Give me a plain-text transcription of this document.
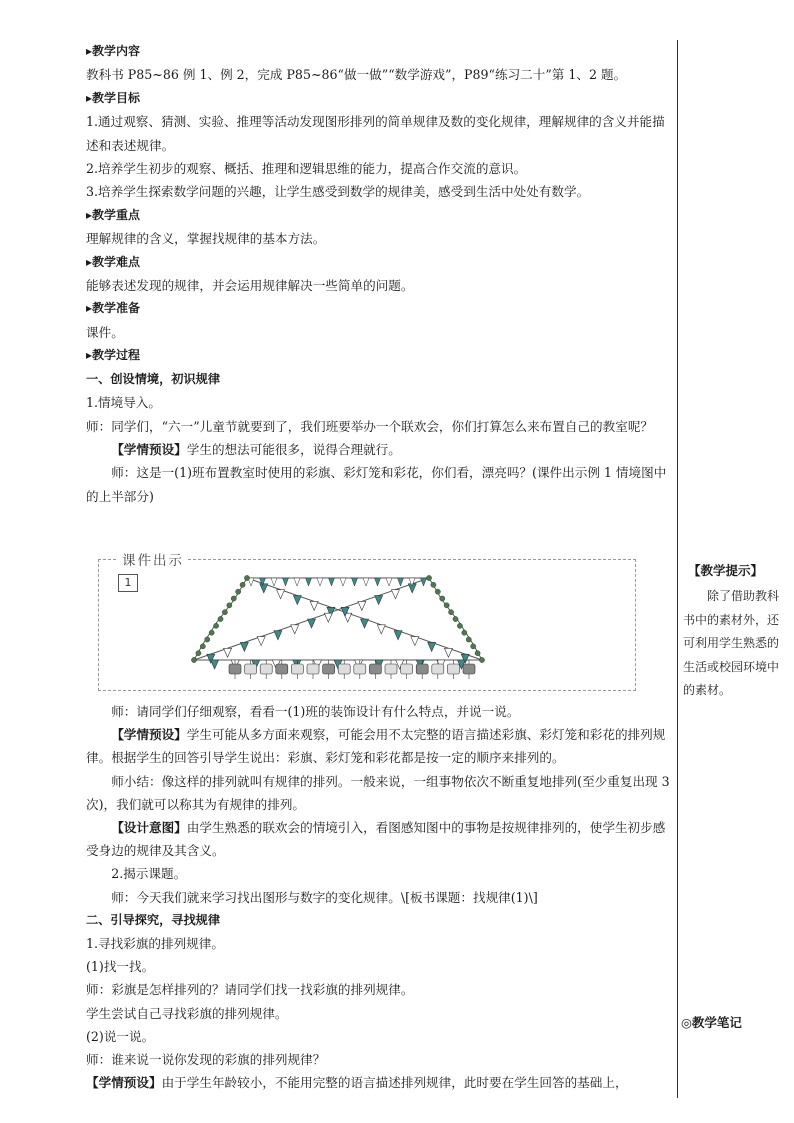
▸教学内容

教科书 P85~86 例 1、例 2，完成 P85~86“做一做”“数学游戏”，P89“练习二十”第 1、2 题。

▸教学目标

1.通过观察、猜测、实验、推理等活动发现图形排列的简单规律及数的变化规律，理解规律的含义并能描述和表述规律。

2.培养学生初步的观察、概括、推理和逻辑思维的能力，提高合作交流的意识。

3.培养学生探索数学问题的兴趣，让学生感受到数学的规律美，感受到生活中处处有数学。

▸教学重点

理解规律的含义，掌握找规律的基本方法。

▸教学难点

能够表述发现的规律，并会运用规律解决一些简单的问题。

▸教学准备

课件。

▸教学过程

一、创设情境，初识规律

1.情境导入。

师：同学们，“六一”儿童节就要到了，我们班要举办一个联欢会，你们打算怎么来布置自己的教室呢？

【学情预设】学生的想法可能很多，说得合理就行。

师：这是一(1)班布置教室时使用的彩旗、彩灯笼和彩花，你们看，漂亮吗？(课件出示例 1 情境图中的上半部分)

课件出示
1

师：请同学们仔细观察，看看一(1)班的装饰设计有什么特点，并说一说。

【学情预设】学生可能从多方面来观察，可能会用不太完整的语言描述彩旗、彩灯笼和彩花的排列规律。根据学生的回答引导学生说出：彩旗、彩灯笼和彩花都是按一定的顺序来排列的。

师小结：像这样的排列就叫有规律的排列。一般来说，一组事物依次不断重复地排列(至少重复出现 3 次)，我们就可以称其为有规律的排列。

【设计意图】由学生熟悉的联欢会的情境引入，看图感知图中的事物是按规律排列的，使学生初步感受身边的规律及其含义。

2.揭示课题。

师：今天我们就来学习找出图形与数字的变化规律。\[板书课题：找规律(1)\]

二、引导探究，寻找规律

1.寻找彩旗的排列规律。

(1)找一找。

师：彩旗是怎样排列的？请同学们找一找彩旗的排列规律。

学生尝试自己寻找彩旗的排列规律。

(2)说一说。

师：谁来说一说你发现的彩旗的排列规律？

【学情预设】由于学生年龄较小，不能用完整的语言描述排列规律，此时要在学生回答的基础上，

【教学提示】
除了借助教科书中的素材外，还可利用学生熟悉的生活或校园环境中的素材。
◎教学笔记
